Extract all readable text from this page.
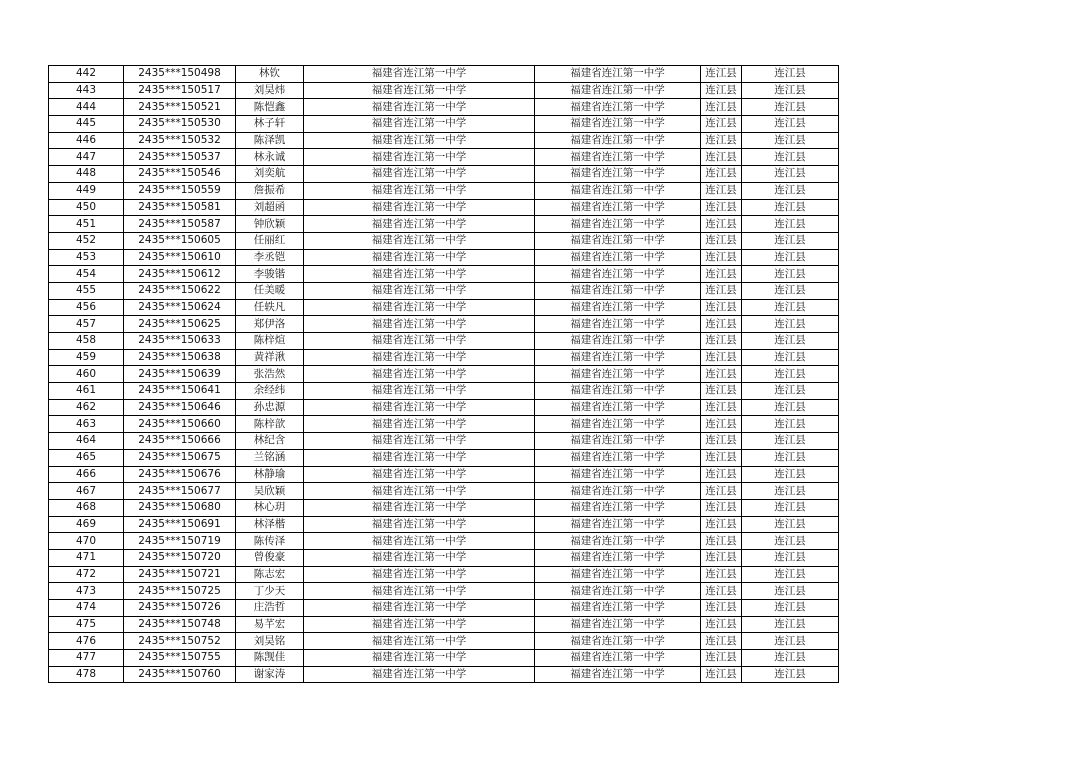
442	2435***150498	林钦	福建省连江第一中学	福建省连江第一中学	连江县	连江县
443	2435***150517	刘昊炜	福建省连江第一中学	福建省连江第一中学	连江县	连江县
444	2435***150521	陈恺鑫	福建省连江第一中学	福建省连江第一中学	连江县	连江县
445	2435***150530	林子轩	福建省连江第一中学	福建省连江第一中学	连江县	连江县
446	2435***150532	陈泽凯	福建省连江第一中学	福建省连江第一中学	连江县	连江县
447	2435***150537	林永诚	福建省连江第一中学	福建省连江第一中学	连江县	连江县
448	2435***150546	刘奕航	福建省连江第一中学	福建省连江第一中学	连江县	连江县
449	2435***150559	詹振希	福建省连江第一中学	福建省连江第一中学	连江县	连江县
450	2435***150581	刘超函	福建省连江第一中学	福建省连江第一中学	连江县	连江县
451	2435***150587	钟欣颖	福建省连江第一中学	福建省连江第一中学	连江县	连江县
452	2435***150605	任丽红	福建省连江第一中学	福建省连江第一中学	连江县	连江县
453	2435***150610	李丞铠	福建省连江第一中学	福建省连江第一中学	连江县	连江县
454	2435***150612	李骏锴	福建省连江第一中学	福建省连江第一中学	连江县	连江县
455	2435***150622	任美暖	福建省连江第一中学	福建省连江第一中学	连江县	连江县
456	2435***150624	任轶凡	福建省连江第一中学	福建省连江第一中学	连江县	连江县
457	2435***150625	郑伊洛	福建省连江第一中学	福建省连江第一中学	连江县	连江县
458	2435***150633	陈梓煊	福建省连江第一中学	福建省连江第一中学	连江县	连江县
459	2435***150638	黄祥湫	福建省连江第一中学	福建省连江第一中学	连江县	连江县
460	2435***150639	张浩然	福建省连江第一中学	福建省连江第一中学	连江县	连江县
461	2435***150641	余经纬	福建省连江第一中学	福建省连江第一中学	连江县	连江县
462	2435***150646	孙忠源	福建省连江第一中学	福建省连江第一中学	连江县	连江县
463	2435***150660	陈梓歆	福建省连江第一中学	福建省连江第一中学	连江县	连江县
464	2435***150666	林纪含	福建省连江第一中学	福建省连江第一中学	连江县	连江县
465	2435***150675	兰铭涵	福建省连江第一中学	福建省连江第一中学	连江县	连江县
466	2435***150676	林静瑜	福建省连江第一中学	福建省连江第一中学	连江县	连江县
467	2435***150677	吴欣颖	福建省连江第一中学	福建省连江第一中学	连江县	连江县
468	2435***150680	林心玥	福建省连江第一中学	福建省连江第一中学	连江县	连江县
469	2435***150691	林泽楷	福建省连江第一中学	福建省连江第一中学	连江县	连江县
470	2435***150719	陈传泽	福建省连江第一中学	福建省连江第一中学	连江县	连江县
471	2435***150720	曾俊豪	福建省连江第一中学	福建省连江第一中学	连江县	连江县
472	2435***150721	陈志宏	福建省连江第一中学	福建省连江第一中学	连江县	连江县
473	2435***150725	丁少天	福建省连江第一中学	福建省连江第一中学	连江县	连江县
474	2435***150726	庄浩哲	福建省连江第一中学	福建省连江第一中学	连江县	连江县
475	2435***150748	易芊宏	福建省连江第一中学	福建省连江第一中学	连江县	连江县
476	2435***150752	刘昊铭	福建省连江第一中学	福建省连江第一中学	连江县	连江县
477	2435***150755	陈觊佳	福建省连江第一中学	福建省连江第一中学	连江县	连江县
478	2435***150760	谢家涛	福建省连江第一中学	福建省连江第一中学	连江县	连江县
